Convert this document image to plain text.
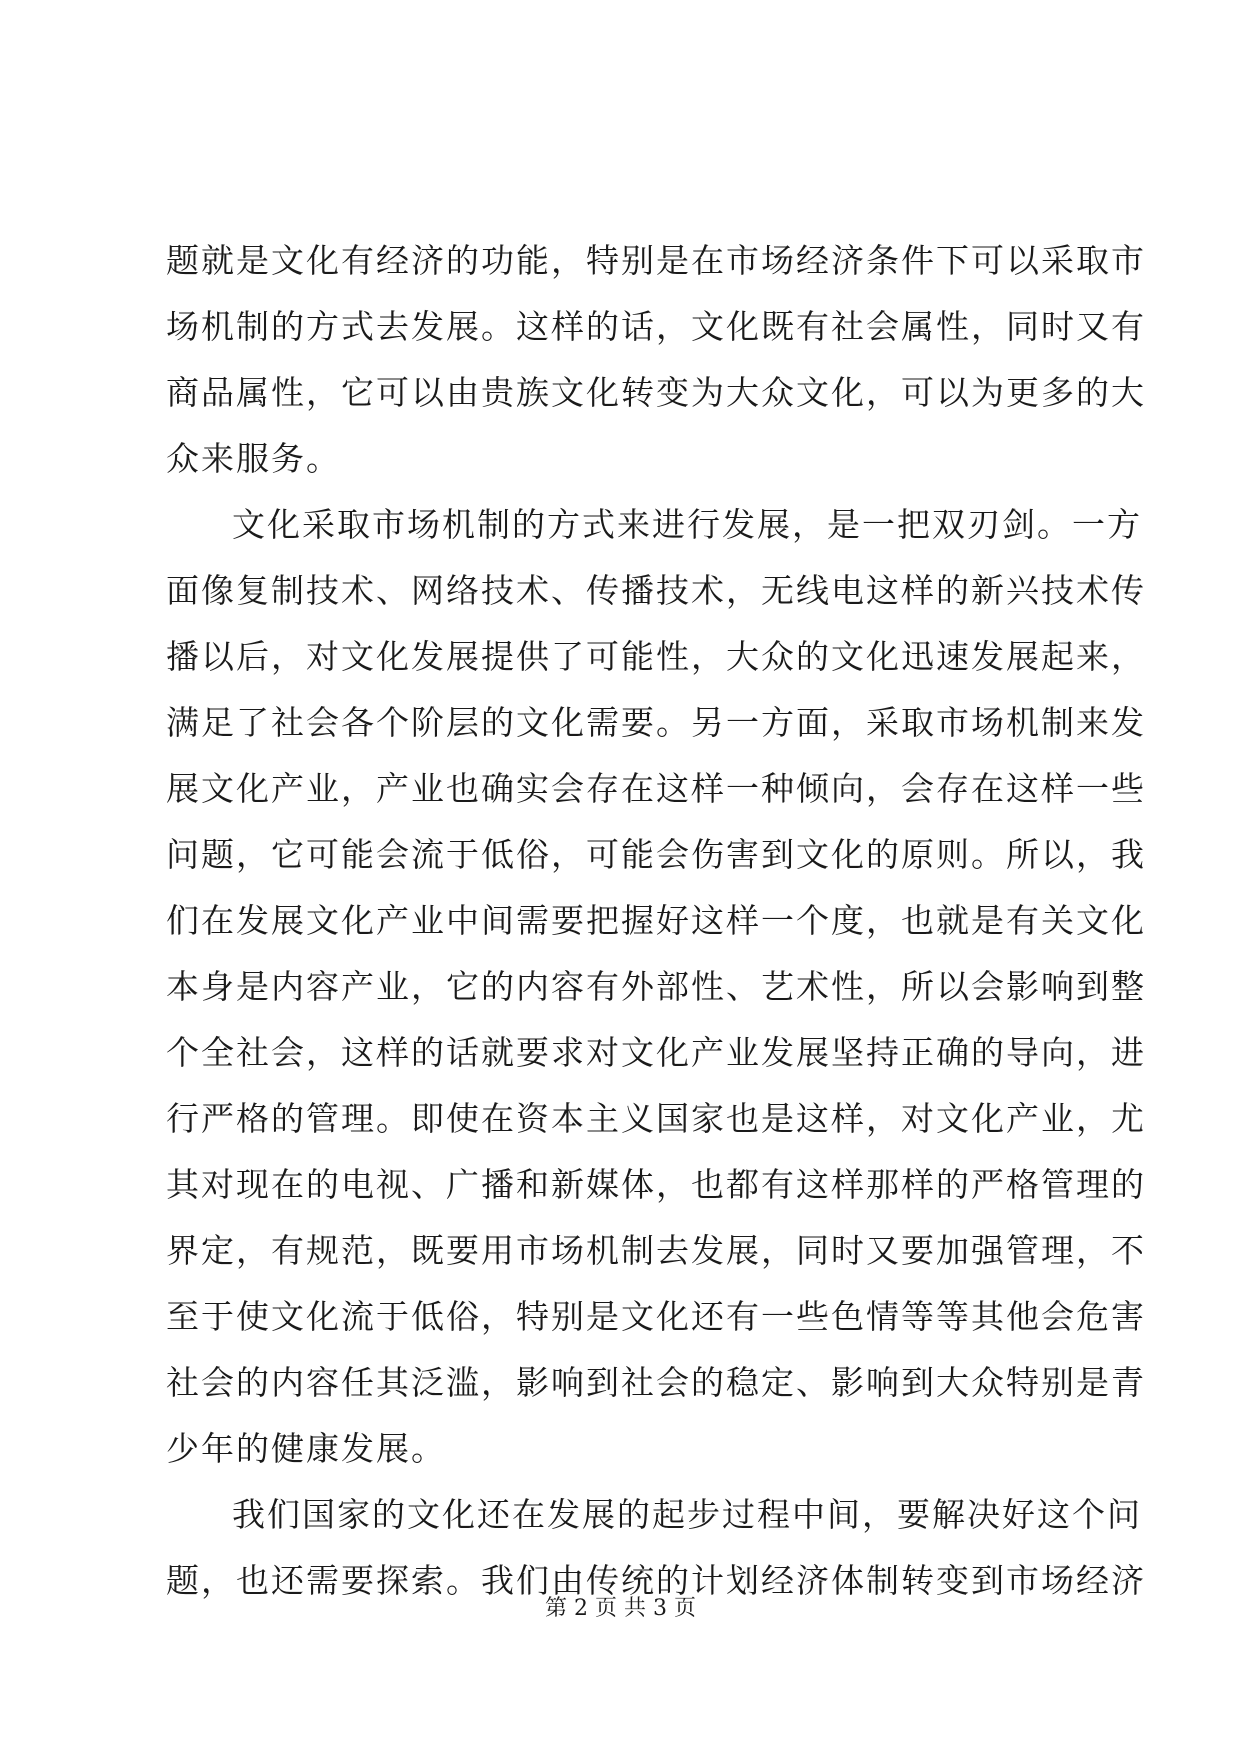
题就是文化有经济的功能，特别是在市场经济条件下可以采取市
场机制的方式去发展。这样的话，文化既有社会属性，同时又有
商品属性，它可以由贵族文化转变为大众文化，可以为更多的大
众来服务。
文化采取市场机制的方式来进行发展，是一把双刃剑。一方
面像复制技术、网络技术、传播技术，无线电这样的新兴技术传
播以后，对文化发展提供了可能性，大众的文化迅速发展起来，
满足了社会各个阶层的文化需要。另一方面，采取市场机制来发
展文化产业，产业也确实会存在这样一种倾向，会存在这样一些
问题，它可能会流于低俗，可能会伤害到文化的原则。所以，我
们在发展文化产业中间需要把握好这样一个度，也就是有关文化
本身是内容产业，它的内容有外部性、艺术性，所以会影响到整
个全社会，这样的话就要求对文化产业发展坚持正确的导向，进
行严格的管理。即使在资本主义国家也是这样，对文化产业，尤
其对现在的电视、广播和新媒体，也都有这样那样的严格管理的
界定，有规范，既要用市场机制去发展，同时又要加强管理，不
至于使文化流于低俗，特别是文化还有一些色情等等其他会危害
社会的内容任其泛滥，影响到社会的稳定、影响到大众特别是青
少年的健康发展。
我们国家的文化还在发展的起步过程中间，要解决好这个问
题，也还需要探索。我们由传统的计划经济体制转变到市场经济
第 2 页 共 3 页
